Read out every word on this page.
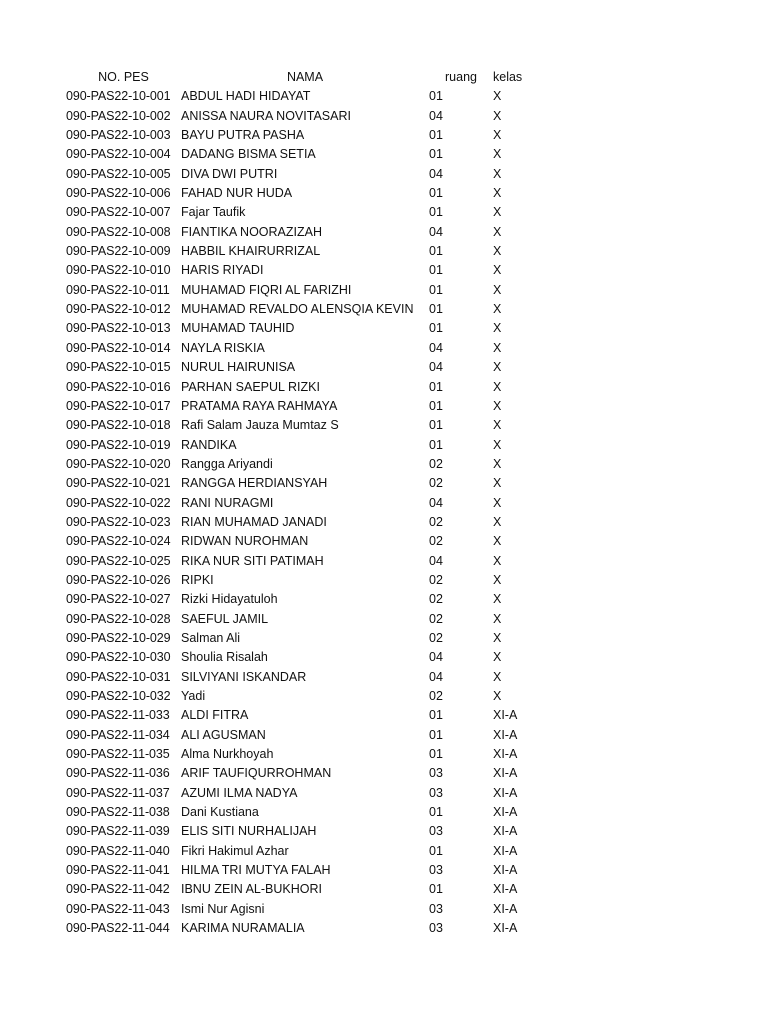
NO. PES	NAMA	ruang	kelas
090-PAS22-10-001	ABDUL HADI HIDAYAT	01	X
090-PAS22-10-002	ANISSA NAURA NOVITASARI	04	X
090-PAS22-10-003	BAYU PUTRA PASHA	01	X
090-PAS22-10-004	DADANG BISMA SETIA	01	X
090-PAS22-10-005	DIVA DWI PUTRI	04	X
090-PAS22-10-006	FAHAD NUR HUDA	01	X
090-PAS22-10-007	Fajar Taufik	01	X
090-PAS22-10-008	FIANTIKA NOORAZIZAH	04	X
090-PAS22-10-009	HABBIL KHAIRURRIZAL	01	X
090-PAS22-10-010	HARIS RIYADI	01	X
090-PAS22-10-011	MUHAMAD FIQRI AL FARIZHI	01	X
090-PAS22-10-012	MUHAMAD REVALDO ALENSQIA KEVIN	01	X
090-PAS22-10-013	MUHAMAD TAUHID	01	X
090-PAS22-10-014	NAYLA RISKIA	04	X
090-PAS22-10-015	NURUL HAIRUNISA	04	X
090-PAS22-10-016	PARHAN SAEPUL RIZKI	01	X
090-PAS22-10-017	PRATAMA RAYA RAHMAYA	01	X
090-PAS22-10-018	Rafi Salam Jauza Mumtaz S	01	X
090-PAS22-10-019	RANDIKA	01	X
090-PAS22-10-020	Rangga Ariyandi	02	X
090-PAS22-10-021	RANGGA HERDIANSYAH	02	X
090-PAS22-10-022	RANI NURAGMI	04	X
090-PAS22-10-023	RIAN MUHAMAD JANADI	02	X
090-PAS22-10-024	RIDWAN NUROHMAN	02	X
090-PAS22-10-025	RIKA NUR SITI PATIMAH	04	X
090-PAS22-10-026	RIPKI	02	X
090-PAS22-10-027	Rizki Hidayatuloh	02	X
090-PAS22-10-028	SAEFUL JAMIL	02	X
090-PAS22-10-029	Salman Ali	02	X
090-PAS22-10-030	Shoulia Risalah	04	X
090-PAS22-10-031	SILVIYANI ISKANDAR	04	X
090-PAS22-10-032	Yadi	02	X
090-PAS22-11-033	ALDI FITRA	01	XI-A
090-PAS22-11-034	ALI AGUSMAN	01	XI-A
090-PAS22-11-035	Alma Nurkhoyah	01	XI-A
090-PAS22-11-036	ARIF TAUFIQURROHMAN	03	XI-A
090-PAS22-11-037	AZUMI ILMA NADYA	03	XI-A
090-PAS22-11-038	Dani Kustiana	01	XI-A
090-PAS22-11-039	ELIS SITI NURHALIJAH	03	XI-A
090-PAS22-11-040	Fikri Hakimul Azhar	01	XI-A
090-PAS22-11-041	HILMA TRI MUTYA FALAH	03	XI-A
090-PAS22-11-042	IBNU ZEIN AL-BUKHORI	01	XI-A
090-PAS22-11-043	Ismi Nur Agisni	03	XI-A
090-PAS22-11-044	KARIMA NURAMALIA	03	XI-A
